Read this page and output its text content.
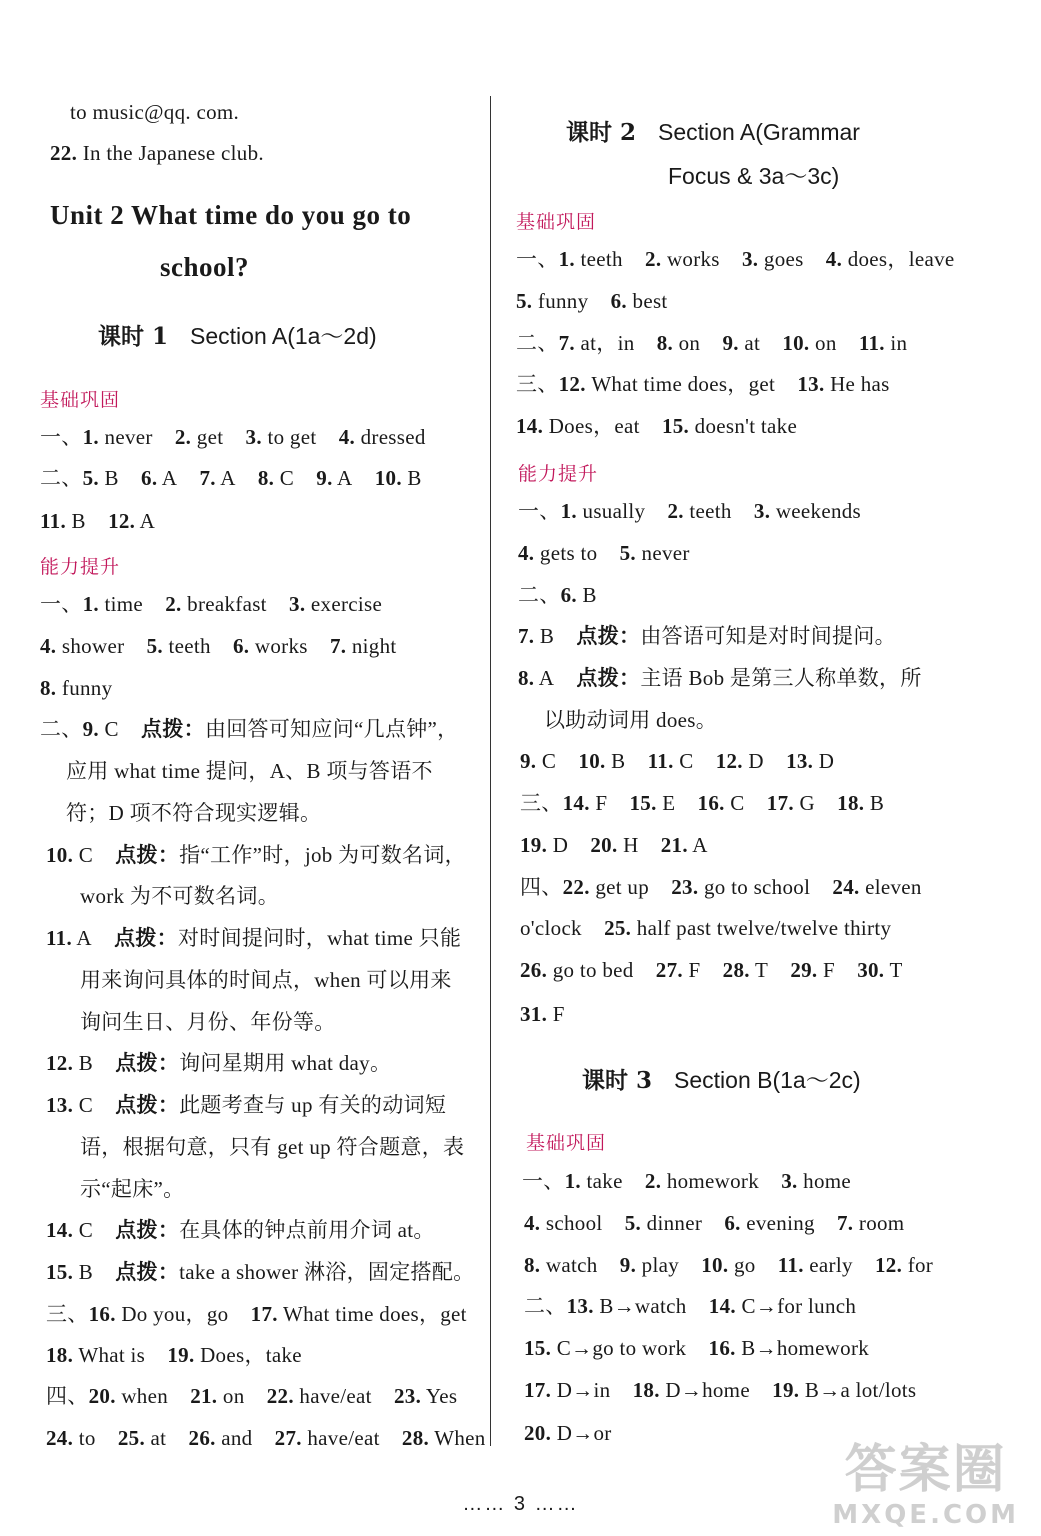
to music@qq. com.
22. In the Japanese club.
Unit 2 What time do you go to
school?
课时 1 Section A(1a～2d)
基础巩固
一、1. never    2. get    3. to get    4. dressed
二、5. B    6. A    7. A    8. C    9. A    10. B
11. B    12. A
能力提升
一、1. time    2. breakfast    3. exercise
4. shower    5. teeth    6. works    7. night
8. funny
二、9. C    点拨：由回答可知应问“几点钟”，
应用 what time 提问，A、B 项与答语不
符；D 项不符合现实逻辑。
10. C    点拨：指“工作”时，job 为可数名词，
work 为不可数名词。
11. A    点拨：对时间提问时，what time 只能
用来询问具体的时间点，when 可以用来
询问生日、月份、年份等。
12. B    点拨：询问星期用 what day。
13. C    点拨：此题考查与 up 有关的动词短
语，根据句意，只有 get up 符合题意，表
示“起床”。
14. C    点拨：在具体的钟点前用介词 at。
15. B    点拨：take a shower 淋浴，固定搭配。
三、16. Do you，go    17. What time does，get
18. What is    19. Does，take
四、20. when    21. on    22. have/eat    23. Yes
24. to    25. at    26. and    27. have/eat    28. When
课时 2 Section A(Grammar
Focus & 3a～3c)
基础巩固
一、1. teeth    2. works    3. goes    4. does，leave
5. funny    6. best
二、7. at，in    8. on    9. at    10. on    11. in
三、12. What time does，get    13. He has
14. Does，eat    15. doesn't take
能力提升
一、1. usually    2. teeth    3. weekends
4. gets to    5. never
二、6. B
7. B    点拨：由答语可知是对时间提问。
8. A    点拨：主语 Bob 是第三人称单数，所
以助动词用 does。
9. C    10. B    11. C    12. D    13. D
三、14. F    15. E    16. C    17. G    18. B
19. D    20. H    21. A
四、22. get up    23. go to school    24. eleven
o'clock    25. half past twelve/twelve thirty
26. go to bed    27. F    28. T    29. F    30. T
31. F
课时 3 Section B(1a～2c)
基础巩固
一、1. take    2. homework    3. home
4. school    5. dinner    6. evening    7. room
8. watch    9. play    10. go    11. early    12. for
二、13. B→watch    14. C→for lunch
15. C→go to work    16. B→homework
17. D→in    18. D→home    19. B→a lot/lots
20. D→or
…… 3 ……
答案圈
MXQE.COM
